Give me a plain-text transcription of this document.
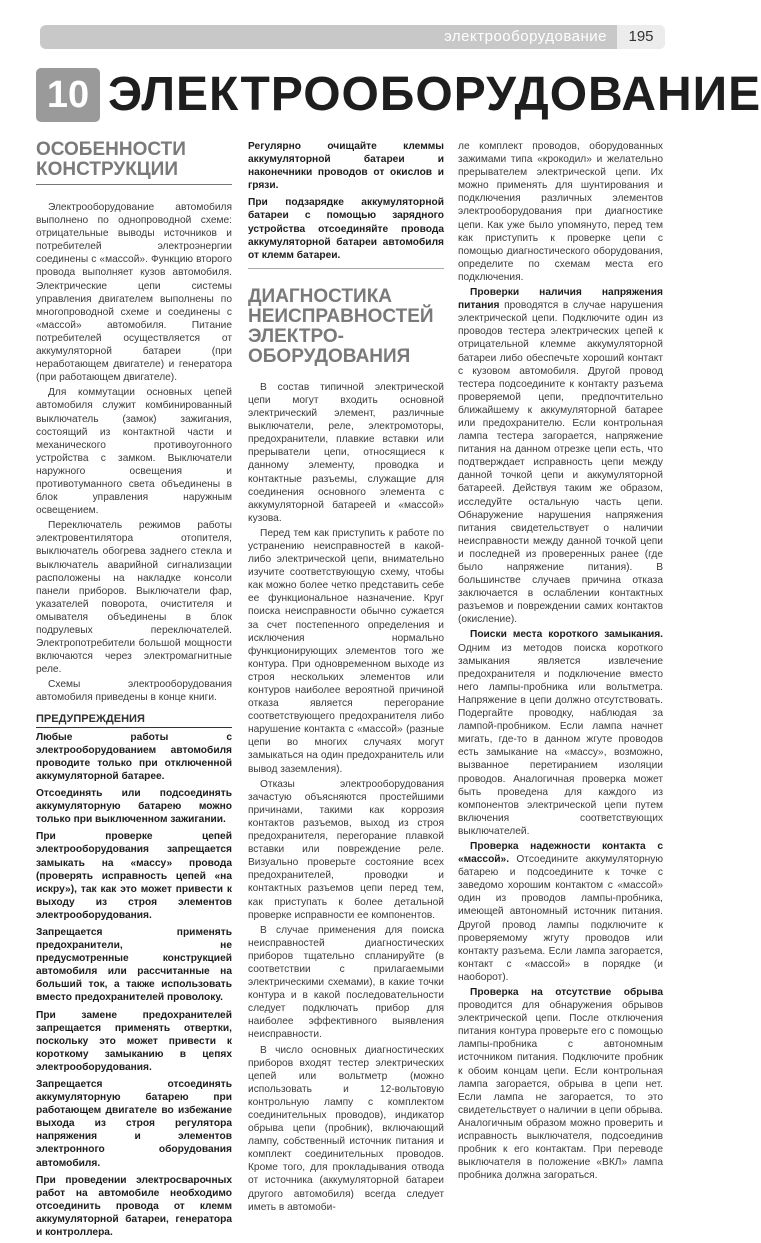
электрооборудование	195
10 ЭЛЕКТРООБОРУДОВАНИЕ
ОСОБЕННОСТИ
КОНСТРУКЦИИ

Электрооборудование автомобиля выполнено по однопроводной схеме: отрицательные выводы источников и потребителей электроэнергии соединены с «массой». Функцию второго провода выполняет кузов автомобиля. Электрические цепи системы управления двигателем выполнены по многопроводной схеме и соединены с «массой» автомобиля. Питание потребителей осуществляется от аккумуляторной батареи (при неработающем двигателе) и генератора (при работающем двигателе).

Для коммутации основных цепей автомобиля служит комбинированный выключатель (замок) зажигания, состоящий из контактной части и механического противоугонного устройства с замком. Выключатели наружного освещения и противотуманного света объединены в блок управления наружным освещением.

Переключатель режимов работы электровентилятора отопителя, выключатель обогрева заднего стекла и выключатель аварийной сигнализации расположены на накладке консоли панели приборов. Выключатели фар, указателей поворота, очистителя и омывателя объединены в блок подрулевых переключателей. Электропотребители большой мощности включаются через электромагнитные реле.

Схемы электрооборудования автомобиля приведены в конце книги.

ПРЕДУПРЕЖДЕНИЯ

Любые работы с электрооборудованием автомобиля проводите только при отключенной аккумуляторной батарее.

Отсоединять или подсоединять аккумуляторную батарею можно только при выключенном зажигании.

При проверке цепей электрооборудования запрещается замыкать на «массу» провода (проверять исправность цепей «на искру»), так как это может привести к выходу из строя элементов электрооборудования.

Запрещается применять предохранители, не предусмотренные конструкцией автомобиля или рассчитанные на больший ток, а также использовать вместо предохранителей проволоку.

При замене предохранителей запрещается применять отвертки, поскольку это может привести к короткому замыканию в цепях электрооборудования.

Запрещается отсоединять аккумуляторную батарею при работающем двигателе во избежание выхода из строя регулятора напряжения и элементов электронного оборудования автомобиля.

При проведении электросварочных работ на автомобиле необходимо отсоединить провода от клемм аккумуляторной батареи, генератора и контроллера.

Регулярно очищайте клеммы аккумуляторной батареи и наконечники проводов от окислов и грязи.

При подзарядке аккумуляторной батареи с помощью зарядного устройства отсоединяйте провода аккумуляторной батареи автомобиля от клемм батареи.

ДИАГНОСТИКА
НЕИСПРАВНОСТЕЙ
ЭЛЕКТРО-
ОБОРУДОВАНИЯ

В состав типичной электрической цепи могут входить основной электрический элемент, различные выключатели, реле, электромоторы, предохранители, плавкие вставки или прерыватели цепи, относящиеся к данному элементу, проводка и контактные разъемы, служащие для соединения основного элемента с аккумуляторной батареей и «массой» кузова.

Перед тем как приступить к работе по устранению неисправностей в какой-либо электрической цепи, внимательно изучите соответствующую схему, чтобы как можно более четко представить себе ее функциональное назначение. Круг поиска неисправности обычно сужается за счет постепенного определения и исключения нормально функционирующих элементов того же контура. При одновременном выходе из строя нескольких элементов или контуров наиболее вероятной причиной отказа является перегорание соответствующего предохранителя либо нарушение контакта с «массой» (разные цепи во многих случаях могут замыкаться на один предохранитель или вывод заземления).

Отказы электрооборудования зачастую объясняются простейшими причинами, такими как коррозия контактов разъемов, выход из строя предохранителя, перегорание плавкой вставки или повреждение реле. Визуально проверьте состояние всех предохранителей, проводки и контактных разъемов цепи перед тем, как приступать к более детальной проверке исправности ее компонентов.

В случае применения для поиска неисправностей диагностических приборов тщательно спланируйте (в соответствии с прилагаемыми электрическими схемами), в какие точки контура и в какой последовательности следует подключать прибор для наиболее эффективного выявления неисправности.

В число основных диагностических приборов входят тестер электрических цепей или вольтметр (можно использовать и 12-вольтовую контрольную лампу с комплектом соединительных проводов), индикатор обрыва цепи (пробник), включающий лампу, собственный источник питания и комплект соединительных проводов. Кроме того, для прокладывания отвода от источника (аккумуляторной батареи другого автомобиля) всегда следует иметь в автомоби-

ле комплект проводов, оборудованных зажимами типа «крокодил» и желательно прерывателем электрической цепи. Их можно применять для шунтирования и подключения различных элементов электрооборудования при диагностике цепи. Как уже было упомянуто, перед тем как приступить к проверке цепи с помощью диагностического оборудования, определите по схемам места его подключения.

Проверки наличия напряжения питания проводятся в случае нарушения электрической цепи. Подключите один из проводов тестера электрических цепей к отрицательной клемме аккумуляторной батареи либо обеспечьте хороший контакт с кузовом автомобиля. Другой провод тестера подсоедините к контакту разъема проверяемой цепи, предпочтительно ближайшему к аккумуляторной батарее или предохранителю. Если контрольная лампа тестера загорается, напряжение питания на данном отрезке цепи есть, что подтверждает исправность цепи между данной точкой цепи и аккумуляторной батареей. Действуя таким же образом, исследуйте остальную часть цепи. Обнаружение нарушения напряжения питания свидетельствует о наличии неисправности между данной точкой цепи и последней из проверенных ранее (где было напряжение питания). В большинстве случаев причина отказа заключается в ослаблении контактных разъемов и повреждении самих контактов (окисление).

Поиски места короткого замыкания. Одним из методов поиска короткого замыкания является извлечение предохранителя и подключение вместо него лампы-пробника или вольтметра. Напряжение в цепи должно отсутствовать. Подергайте проводку, наблюдая за лампой-пробником. Если лампа начнет мигать, где-то в данном жгуте проводов есть замыкание на «массу», возможно, вызванное перетиранием изоляции проводов. Аналогичная проверка может быть проведена для каждого из компонентов электрической цепи путем включения соответствующих выключателей.

Проверка надежности контакта с «массой». Отсоедините аккумуляторную батарею и подсоедините к точке с заведомо хорошим контактом с «массой» один из проводов лампы-пробника, имеющей автономный источник питания. Другой провод лампы подключите к проверяемому жгуту проводов или контакту разъема. Если лампа загорается, контакт с «массой» в порядке (и наоборот).

Проверка на отсутствие обрыва проводится для обнаружения обрывов электрической цепи. После отключения питания контура проверьте его с помощью лампы-пробника с автономным источником питания. Подключите пробник к обоим концам цепи. Если контрольная лампа загорается, обрыва в цепи нет. Если лампа не загорается, то это свидетельствует о наличии в цепи обрыва. Аналогичным образом можно проверить и исправность выключателя, подсоединив пробник к его контактам. При переводе выключателя в положение «ВКЛ» лампа пробника должна загораться.
